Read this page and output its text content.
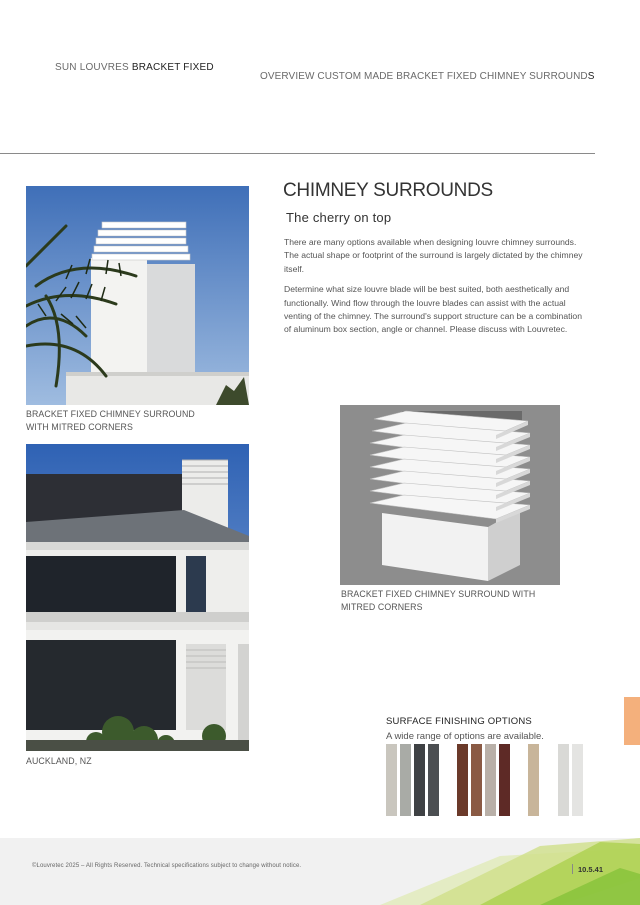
SUN LOUVRES BRACKET FIXED
OVERVIEW CUSTOM MADE BRACKET FIXED CHIMNEY SURROUNDS
BRACKET FIXED CHIMNEY SURROUND
WITH MITRED CORNERS
CHIMNEY SURROUNDS
The cherry on top

There are many options available when designing louvre chimney surrounds. The actual shape or footprint of the surround is largely dictated by the chimney itself.

Determine what size louvre blade will be best suited, both aesthetically and functionally. Wind flow through the louvre blades can assist with the actual venting of the chimney. The surround's support structure can be a combination of aluminum box section, angle or channel. Please discuss with Louvretec.

BRACKET FIXED CHIMNEY SURROUND WITH
MITRED CORNERS
AUCKLAND, NZ
SURFACE FINISHING OPTIONS
A wide range of options are available.
©Louvretec 2025 – All Rights Reserved. Technical specifications subject to change without notice.	10.5.41
